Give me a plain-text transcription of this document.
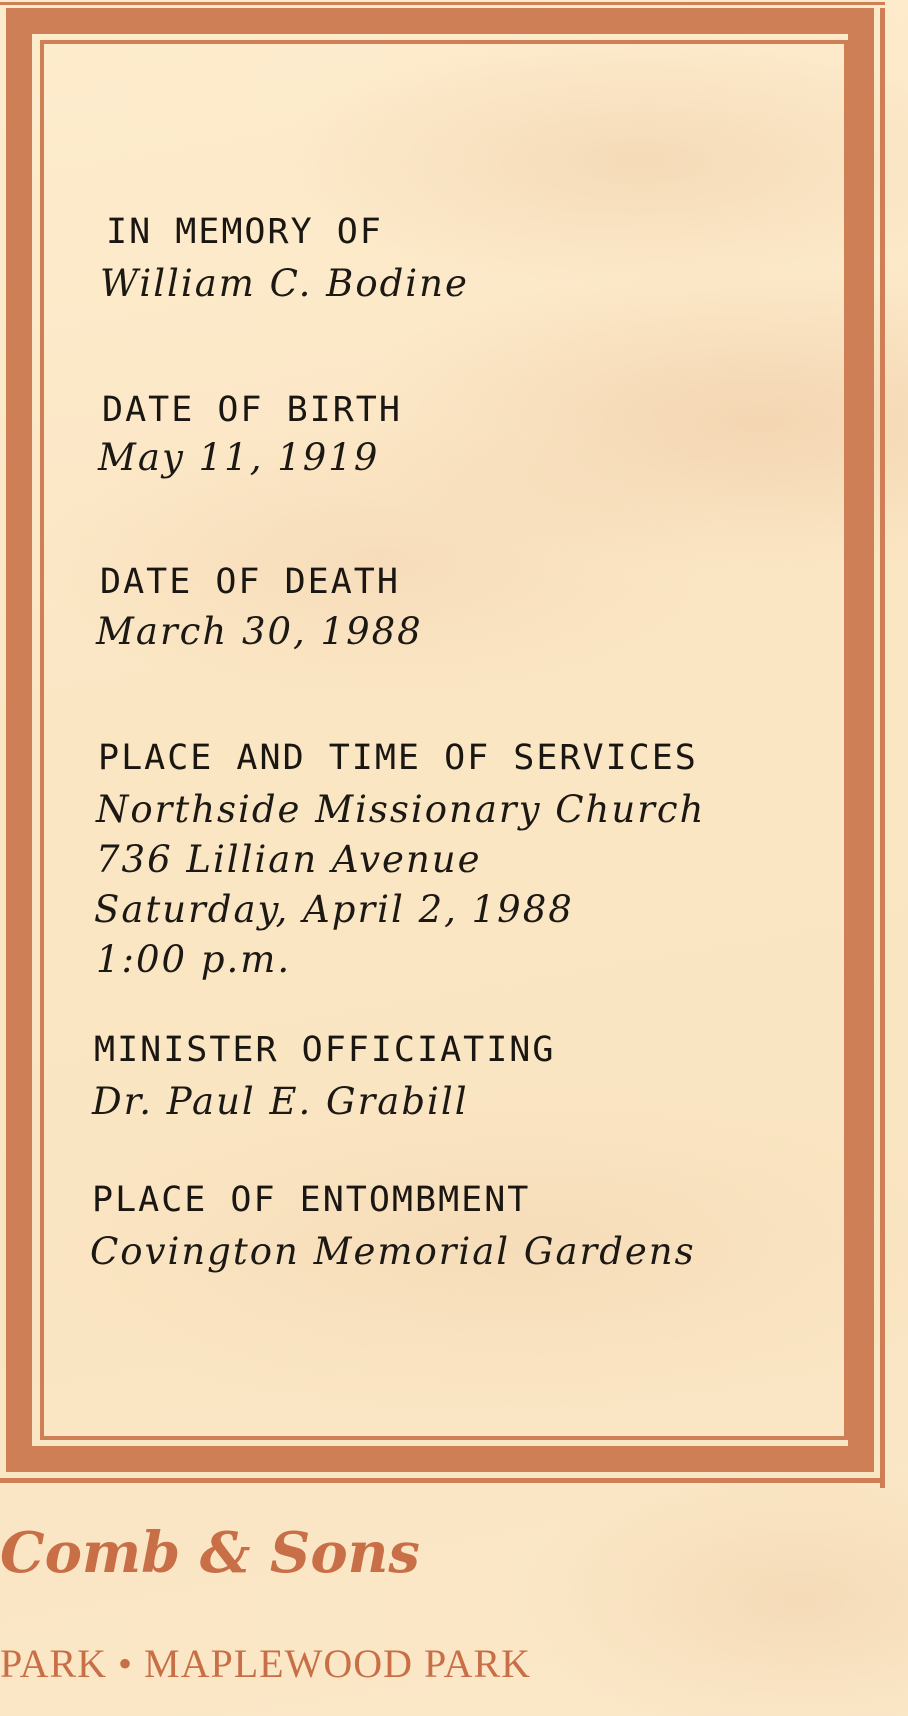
IN MEMORY OF
William C. Bodine
DATE OF BIRTH
May 11, 1919
DATE OF DEATH
March 30, 1988
PLACE AND TIME OF SERVICES
Northside Missionary Church
736 Lillian Avenue
Saturday, April 2, 1988
1:00 p.m.
MINISTER OFFICIATING
Dr. Paul E. Grabill
PLACE OF ENTOMBMENT
Covington Memorial Gardens
Comb & Sons
PARK • MAPLEWOOD PARK
